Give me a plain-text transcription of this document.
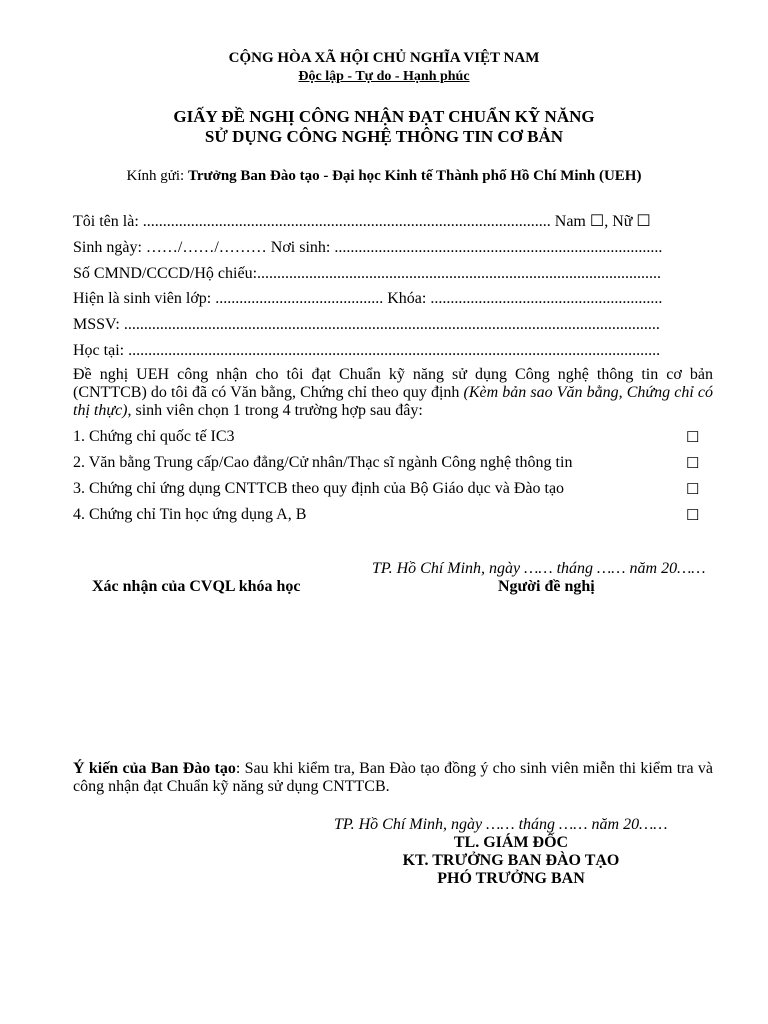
CỘNG HÒA XÃ HỘI CHỦ NGHĨA VIỆT NAM
Độc lập - Tự do - Hạnh phúc
GIẤY ĐỀ NGHỊ CÔNG NHẬN ĐẠT CHUẨN KỸ NĂNG
SỬ DỤNG CÔNG NGHỆ THÔNG TIN CƠ BẢN
Kính gửi: Trưởng Ban Đào tạo - Đại học Kinh tế Thành phố Hồ Chí Minh (UEH)
Tôi tên là: ...................................................................................................... Nam ☐, Nữ ☐
Sinh ngày: ……/……/……… Nơi sinh: ..................................................................................
Số CMND/CCCD/Hộ chiếu:.....................................................................................................
Hiện là sinh viên lớp: .......................................... Khóa: ..........................................................
MSSV: ......................................................................................................................................
Học tại: .....................................................................................................................................
Đề nghị UEH công nhận cho tôi đạt Chuẩn kỹ năng sử dụng Công nghệ thông tin cơ bản (CNTTCB) do tôi đã có Văn bằng, Chứng chỉ theo quy định (Kèm bản sao Văn bằng, Chứng chỉ có thị thực), sinh viên chọn 1 trong 4 trường hợp sau đây:
1. Chứng chỉ quốc tế IC3
2. Văn bằng Trung cấp/Cao đẳng/Cử nhân/Thạc sĩ ngành Công nghệ thông tin
3. Chứng chỉ ứng dụng CNTTCB theo quy định của Bộ Giáo dục và Đào tạo
4. Chứng chỉ Tin học ứng dụng A, B
☐
☐
☐
☐
TP. Hồ Chí Minh, ngày …… tháng …… năm 20……
Xác nhận của CVQL khóa học	Người đề nghị
Ý kiến của Ban Đào tạo: Sau khi kiểm tra, Ban Đào tạo đồng ý cho sinh viên miễn thi kiểm tra và công nhận đạt Chuẩn kỹ năng sử dụng CNTTCB.
TP. Hồ Chí Minh, ngày …… tháng …… năm 20……
TL. GIÁM ĐỐC
KT. TRƯỞNG BAN ĐÀO TẠO
PHÓ TRƯỞNG BAN
